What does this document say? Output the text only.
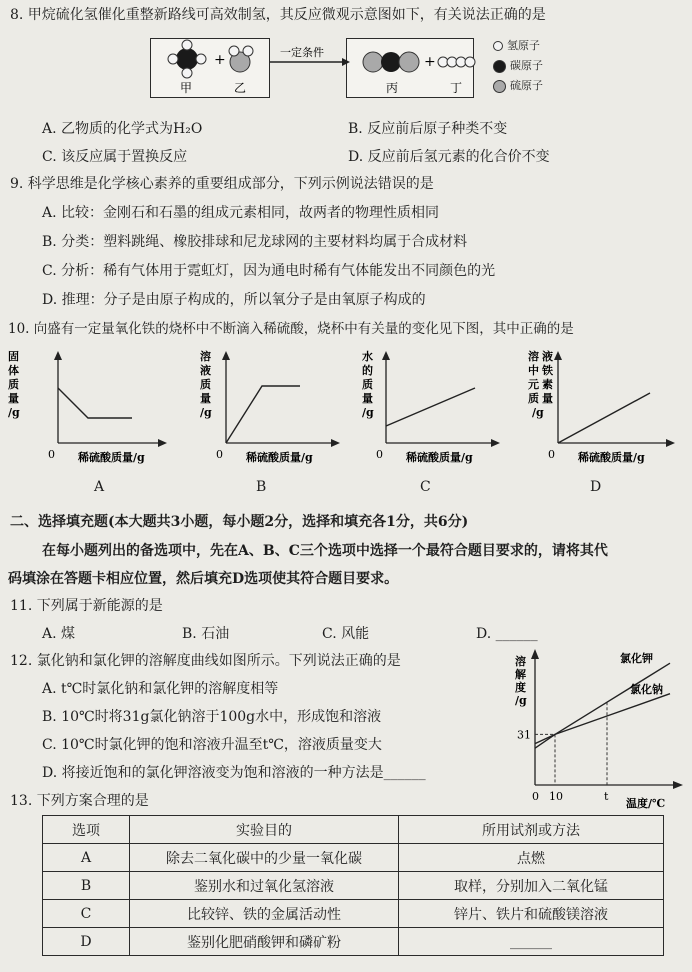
8. 甲烷硫化氢催化重整新路线可高效制氢，其反应微观示意图如下，有关说法正确的是
+
甲	乙
一定条件
+
丙	丁
氢原子
碳原子
硫原子
A. 乙物质的化学式为H₂O	B. 反应前后原子种类不变
C. 该反应属于置换反应	D. 反应前后氢元素的化合价不变
9. 科学思维是化学核心素养的重要组成部分，下列示例说法错误的是
A. 比较：金刚石和石墨的组成元素相同，故两者的物理性质相同
B. 分类：塑料跳绳、橡胶排球和尼龙球网的主要材料均属于合成材料
C. 分析：稀有气体用于霓虹灯，因为通电时稀有气体能发出不同颜色的光
D. 推理：分子是由原子构成的，所以氧分子是由氧原子构成的
10. 向盛有一定量氧化铁的烧杯中不断滴入稀硫酸，烧杯中有关量的变化见下图，其中正确的是
0 稀硫酸质量/g
固
体
质
量
/g
A
0 稀硫酸质量/g
溶
液
质
量
/g
B
0 稀硫酸质量/g
水
的
质
量
/g
C
0 稀硫酸质量/g
溶 液
中 铁
元 素
质 量
/g
D
二、选择填充题(本大题共3小题，每小题2分，选择和填充各1分，共6分)
在每小题列出的备选项中，先在A、B、C三个选项中选择一个最符合题目要求的，请将其代
码填涂在答题卡相应位置，然后填充D选项使其符合题目要求。
11. 下列属于新能源的是
A. 煤	B. 石油	C. 风能	D. ______
12. 氯化钠和氯化钾的溶解度曲线如图所示。下列说法正确的是
A. t℃时氯化钠和氯化钾的溶解度相等
B. 10℃时将31g氯化钠溶于100g水中，形成饱和溶液
C. 10℃时氯化钾的饱和溶液升温至t℃，溶液质量变大
D. 将接近饱和的氯化钾溶液变为饱和溶液的一种方法是______
溶
解
度
/g
0 10	t
31
温度/℃
氯化钾
氯化钠
13. 下列方案合理的是
选项	实验目的	所用试剂或方法
A	除去二氧化碳中的少量一氧化碳	点燃
B	鉴别水和过氧化氢溶液	取样，分别加入二氧化锰
C	比较锌、铁的金属活动性	锌片、铁片和硫酸镁溶液
D	鉴别化肥硝酸钾和磷矿粉	______
